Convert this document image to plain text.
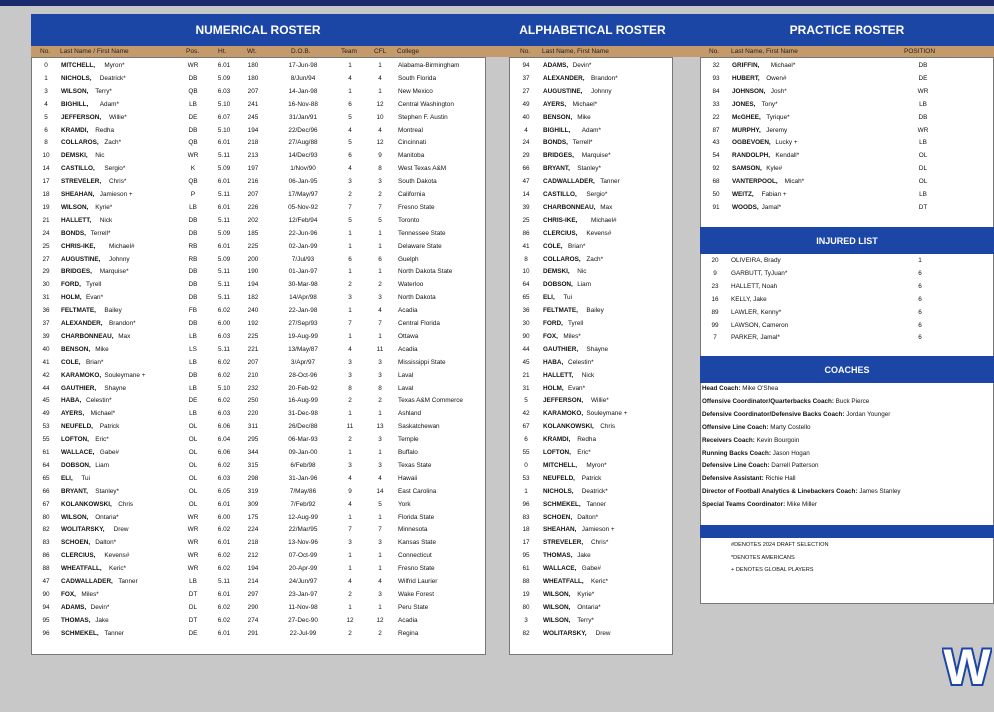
NUMERICAL ROSTER	ALPHABETICAL ROSTER	PRACTICE ROSTER
No. Last Name / First Name	Pos.	Ht.	Wt.	D.O.B.	Team	CFL College	No. Last Name, First Name	No. Last Name, First Name	POSITION
0	MITCHELL, Myron*	WR	6.01	180	17-Jun-98	1	1	Alabama-Birmingham
1	NICHOLS, Deatrick*	DB	5.09	180	8/Jun/94	4	4	South Florida
3	WILSON, Terry*	QB	6.03	207	14-Jan-98	1	1	New Mexico
4	BIGHILL, Adam*	LB	5.10	241	16-Nov-88	6	12	Central Washington
5	JEFFERSON, Willie*	DE	6.07	245	31/Jan/91	5	10	Stephen F. Austin
6	KRAMDI, Redha	DB	5.10	194	22/Dec/96	4	4	Montreal
8	COLLAROS, Zach*	QB	6.01	218	27/Aug/88	5	12	Cincinnati
10	DEMSKI, Nic	WR	5.11	213	14/Dec/93	6	9	Manitoba
14	CASTILLO, Sergio*	K	5.09	197	1/Nov/90	4	8	West Texas A&M
17	STREVELER, Chris*	QB	6.01	216	06-Jan-95	3	3	South Dakota
18	SHEAHAN, Jamieson +	P	5.11	207	17/May/97	2	2	California
19	WILSON, Kyrie*	LB	6.01	226	05-Nov-92	7	7	Fresno State
21	HALLETT, Nick	DB	5.11	202	12/Feb/94	5	5	Toronto
24	BONDS, Terrell*	DB	5.09	185	22-Jun-96	1	1	Tennessee State
25	CHRIS-IKE, Michael#	RB	6.01	225	02-Jan-99	1	1	Delaware State
27	AUGUSTINE, Johnny	RB	5.09	200	7/Jul/93	6	6	Guelph
29	BRIDGES, Marquise*	DB	5.11	190	01-Jan-97	1	1	North Dakota State
30	FORD, Tyrell	DB	5.11	194	30-Mar-98	2	2	Waterloo
31	HOLM, Evan*	DB	5.11	182	14/Apr/98	3	3	North Dakota
36	FELTMATE, Bailey	FB	6.02	240	22-Jan-98	1	4	Acadia
37	ALEXANDER, Brandon*	DB	6.00	192	27/Sep/93	7	7	Central Florida
39	CHARBONNEAU, Max	LB	6.03	225	19-Aug-99	1	1	Ottawa
40	BENSON, Mike	LS	5.11	221	13/May/87	4	11	Acadia
41	COLE, Brian*	LB	6.02	207	3/Apr/97	3	3	Mississippi State
42	KARAMOKO, Souleymane +	DB	6.02	210	28-Oct-96	3	3	Laval
44	GAUTHIER, Shayne	LB	5.10	232	20-Feb-92	8	8	Laval
45	HABA, Celestin*	DE	6.02	250	16-Aug-99	2	2	Texas A&M Commerce
49	AYERS, Michael*	LB	6.03	220	31-Dec-98	1	1	Ashland
53	NEUFELD, Patrick	OL	6.06	311	26/Dec/88	11	13	Saskatchewan
55	LOFTON, Eric*	OL	6.04	295	06-Mar-93	2	3	Temple
61	WALLACE, Gabe#	OL	6.06	344	09-Jan-00	1	1	Buffalo
64	DOBSON, Liam	OL	6.02	315	6/Feb/98	3	3	Texas State
65	ELI, Tui	OL	6.03	298	31-Jan-96	4	4	Hawaii
66	BRYANT, Stanley*	OL	6.05	319	7/May/86	9	14	East Carolina
67	KOLANKOWSKI, Chris	OL	6.01	309	7/Feb/92	4	5	York
80	WILSON, Ontaria*	WR	6.00	175	12-Aug-99	1	1	Florida State
82	WOLITARSKY, Drew	WR	6.02	224	22/Mar/95	7	7	Minnesota
83	SCHOEN, Dalton*	WR	6.01	218	13-Nov-96	3	3	Kansas State
86	CLERCIUS, Kevens#	WR	6.02	212	07-Oct-99	1	1	Connecticut
88	WHEATFALL, Keric*	WR	6.02	194	20-Apr-99	1	1	Fresno State
47	CADWALLADER, Tanner	LB	5.11	214	24/Jun/97	4	4	Wilfrid Laurier
90	FOX, Miles*	DT	6.01	297	23-Jan-97	2	3	Wake Forest
94	ADAMS, Devin*	DL	6.02	290	11-Nov-98	1	1	Peru State
95	THOMAS, Jake	DT	6.02	274	27-Dec-90	12	12	Acadia
96	SCHMEKEL, Tanner	DE	6.01	291	22-Jul-99	2	2	Regina
94	ADAMS, Devin*
37	ALEXANDER, Brandon*
27	AUGUSTINE, Johnny
49	AYERS, Michael*
40	BENSON, Mike
4	BIGHILL, Adam*
24	BONDS, Terrell*
29	BRIDGES, Marquise*
66	BRYANT, Stanley*
47	CADWALLADER, Tanner
14	CASTILLO, Sergio*
39	CHARBONNEAU, Max
25	CHRIS-IKE, Michael#
86	CLERCIUS, Kevens#
41	COLE, Brian*
8	COLLAROS, Zach*
10	DEMSKI, Nic
64	DOBSON, Liam
65	ELI, Tui
36	FELTMATE, Bailey
30	FORD, Tyrell
90	FOX, Miles*
44	GAUTHIER, Shayne
45	HABA, Celestin*
21	HALLETT, Nick
31	HOLM, Evan*
5	JEFFERSON, Willie*
42	KARAMOKO, Souleymane +
67	KOLANKOWSKI, Chris
6	KRAMDI, Redha
55	LOFTON, Eric*
0	MITCHELL, Myron*
53	NEUFELD, Patrick
1	NICHOLS, Deatrick*
96	SCHMEKEL, Tanner
83	SCHOEN, Dalton*
18	SHEAHAN, Jamieson +
17	STREVELER, Chris*
95	THOMAS, Jake
61	WALLACE, Gabe#
88	WHEATFALL, Keric*
19	WILSON, Kyrie*
80	WILSON, Ontaria*
3	WILSON, Terry*
82	WOLITARSKY, Drew
32	GRIFFIN, Michael*	DB
93	HUBERT, Owen#	DE
84	JOHNSON, Josh*	WR
33	JONES, Tony*	LB
22	McGHEE, Tyrique*	DB
87	MURPHY, Jeremy	WR
43	OGBEVOEN, Lucky +	LB
54	RANDOLPH, Kendall*	OL
92	SAMSON, Kyle#	DL
68	VANTERPOOL, Micah*	OL
50	WEITZ, Fabian +	LB
91	WOODS, Jamal*	DT
INJURED LIST
COACHES
20	OLIVEIRA, Brady	1
9	GARBUTT, TyJuan*	6
23	HALLETT, Noah	6
16	KELLY, Jake	6
89	LAWLER, Kenny*	6
99	LAWSON, Cameron	6
7	PARKER, Jamal*	6
Head Coach: Mike O'Shea
Offensive Coordinator/Quarterbacks Coach: Buck Pierce
Defensive Coordinator/Defensive Backs Coach: Jordan Younger
Offensive Line Coach: Marty Costello
Receivers Coach: Kevin Bourgoin
Running Backs Coach: Jason Hogan
Defensive Line Coach: Darrell Patterson
Defensive Assistant: Richie Hall
Director of Football Analytics & Linebackers Coach: James Stanley
Special Teams Coordinator: Mike Miller
#DENOTES 2024 DRAFT SELECTION
*DENOTES AMERICANS
+ DENOTES GLOBAL PLAYERS
W
